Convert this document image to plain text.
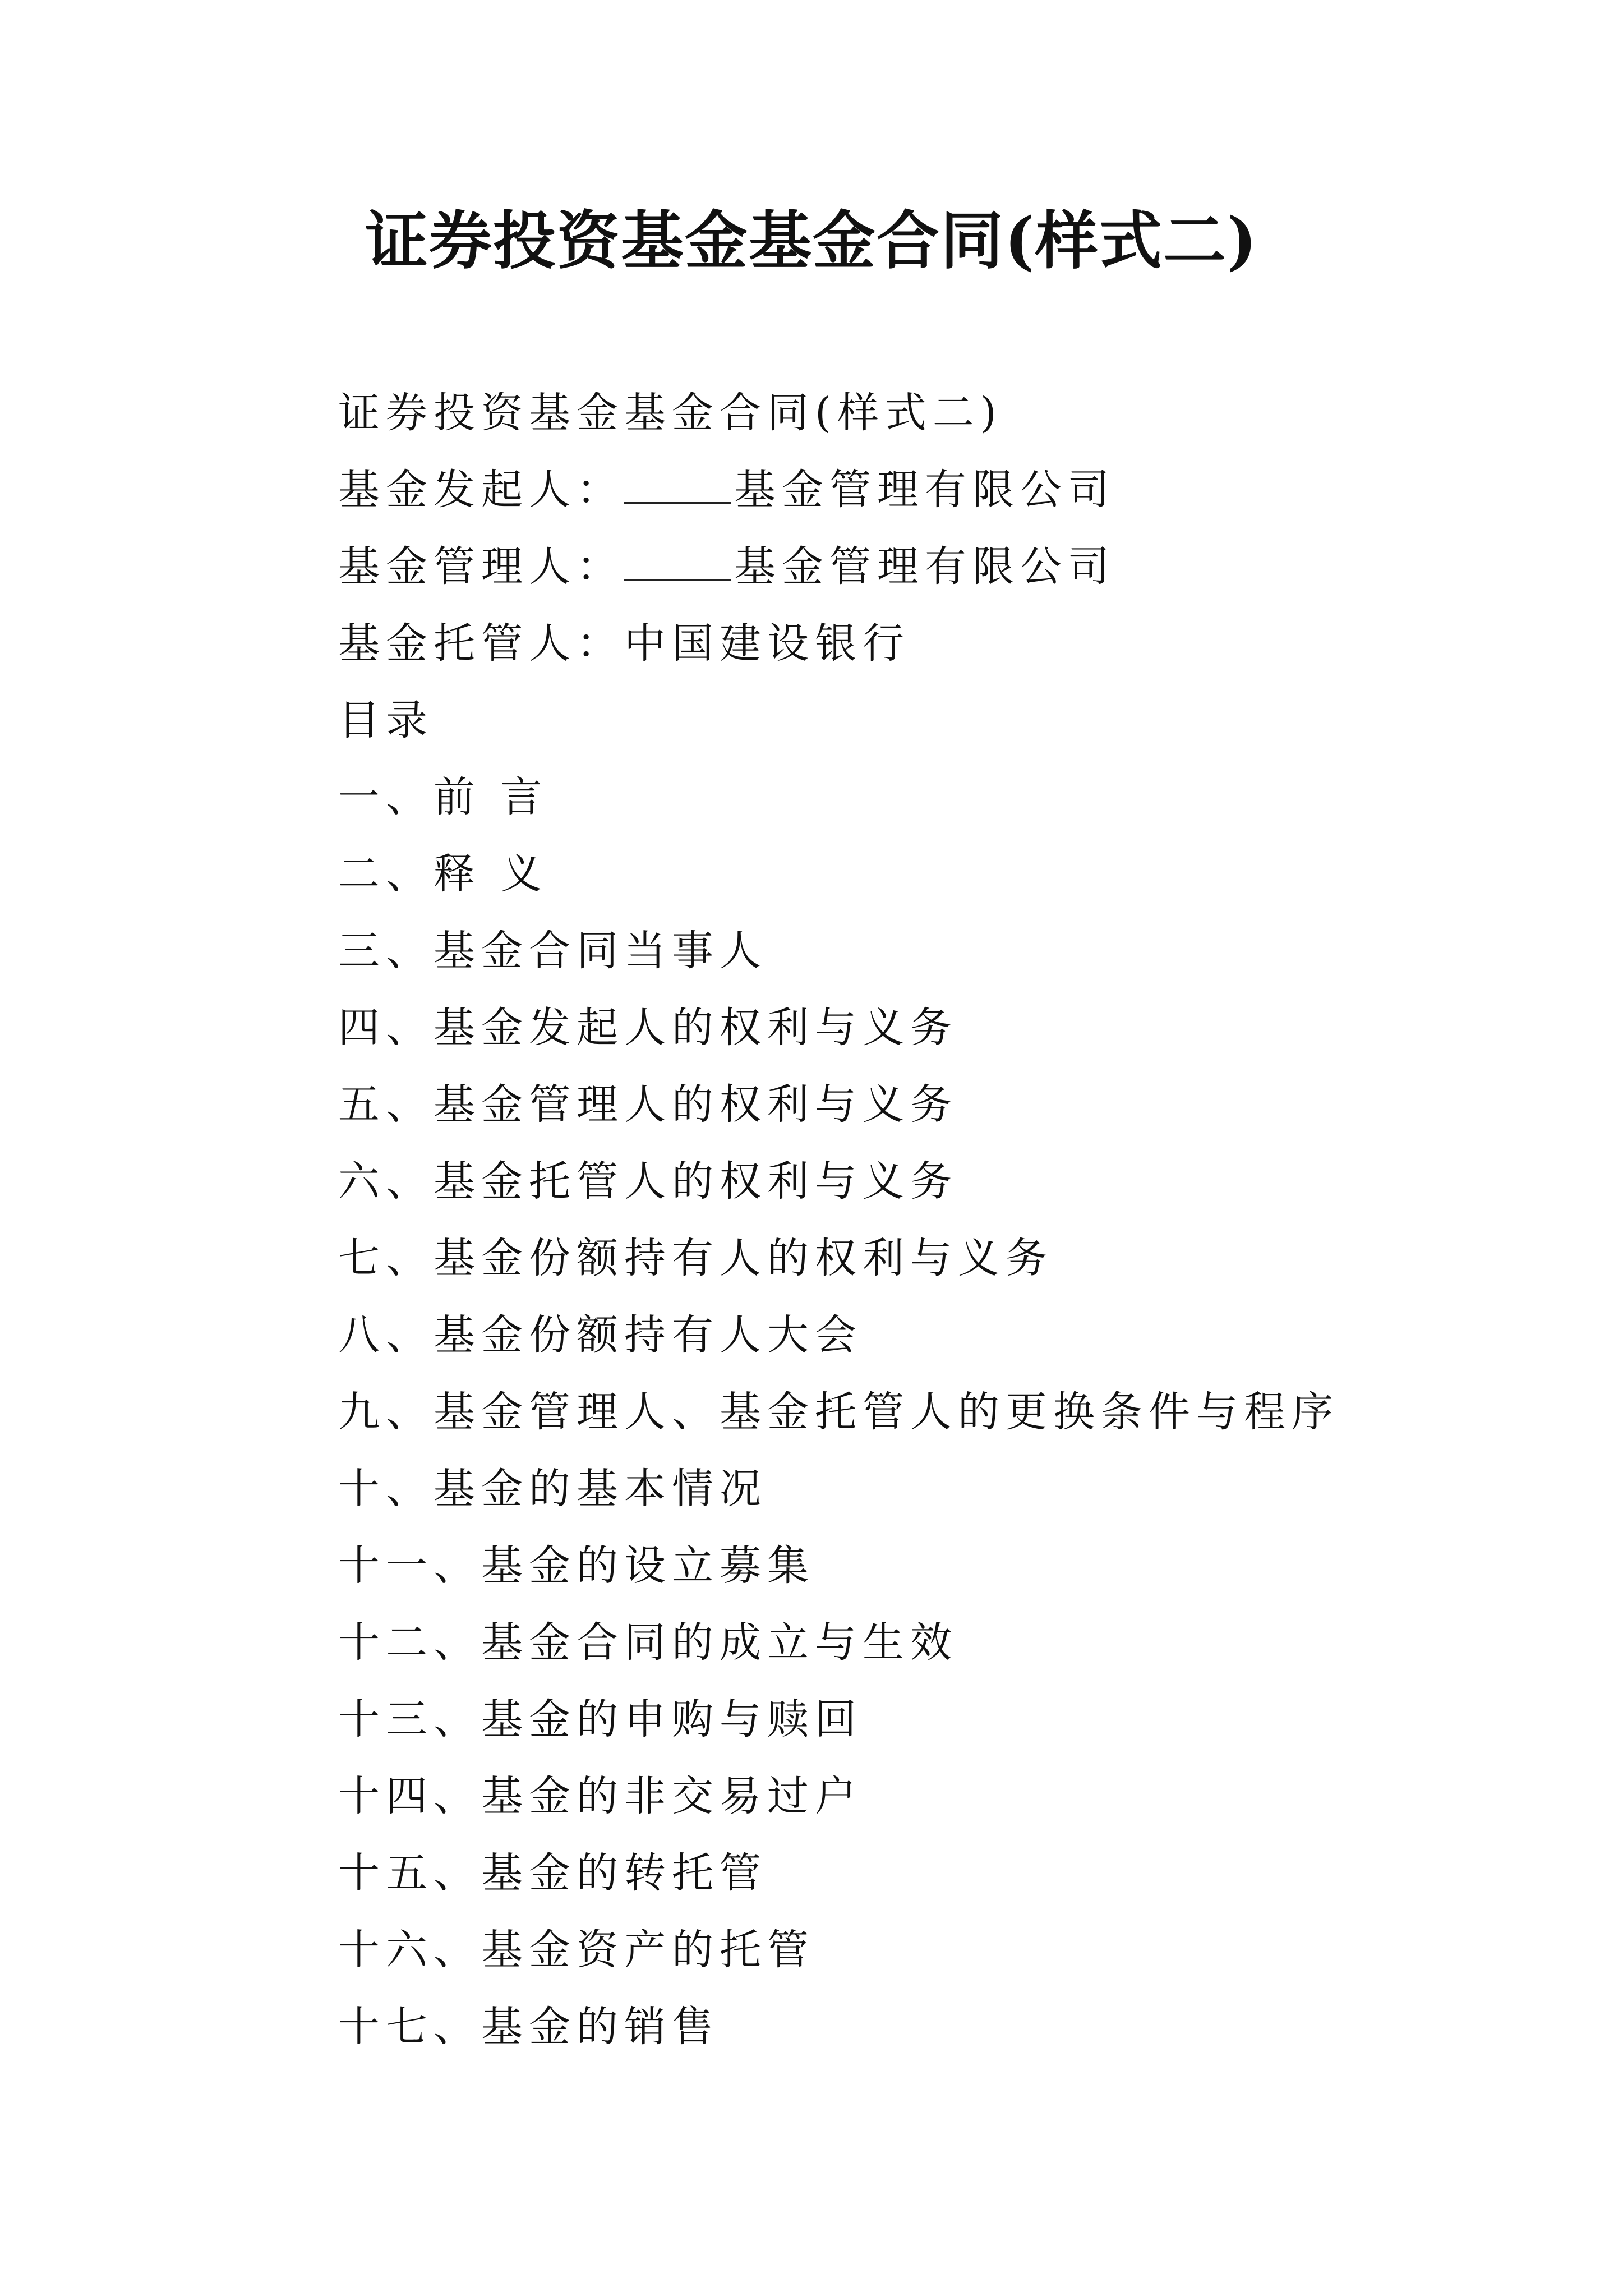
证券投资基金基金合同(样式二)
证券投资基金基金合同(样式二)
基金发起人：	基金管理有限公司
基金管理人：	基金管理有限公司
基金托管人：中国建设银行
目录
一、前 言
二、释 义
三、基金合同当事人
四、基金发起人的权利与义务
五、基金管理人的权利与义务
六、基金托管人的权利与义务
七、基金份额持有人的权利与义务
八、基金份额持有人大会
九、基金管理人、基金托管人的更换条件与程序
十、基金的基本情况
十一、基金的设立募集
十二、基金合同的成立与生效
十三、基金的申购与赎回
十四、基金的非交易过户
十五、基金的转托管
十六、基金资产的托管
十七、基金的销售
